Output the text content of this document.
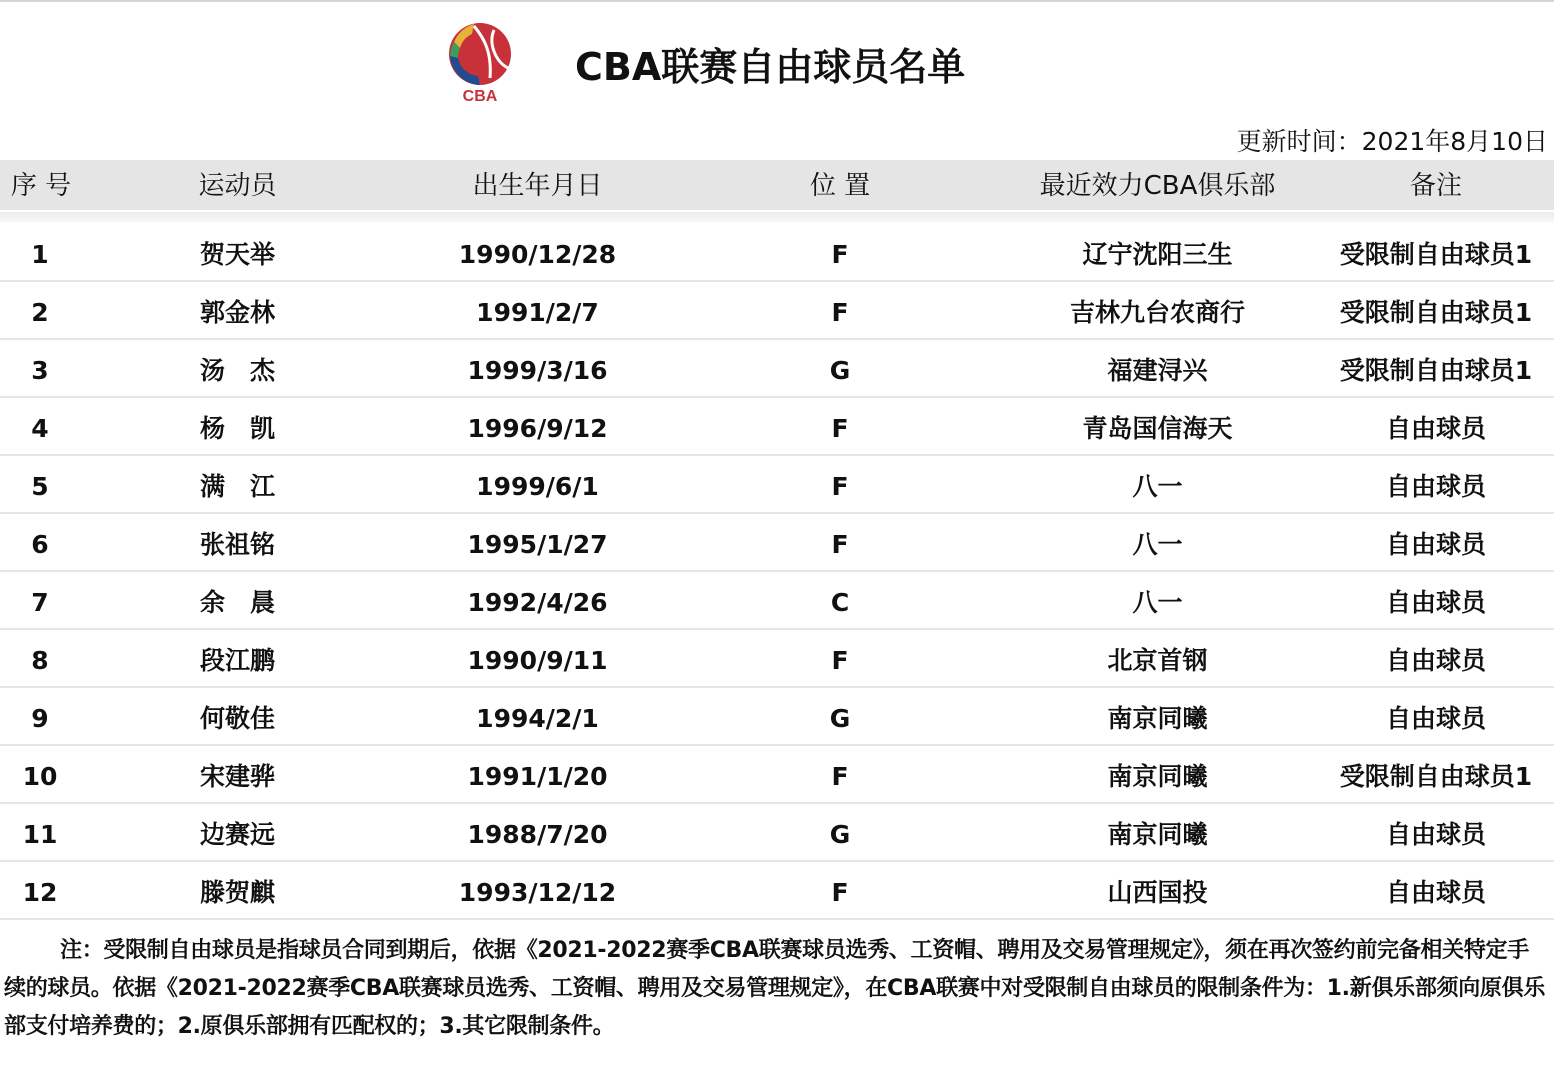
CBA
CBA联赛自由球员名单
更新时间：2021年8月10日
序 号	运动员	出生年月日	位 置	最近效力CBA俱乐部	备注
1	贺天举	1990/12/28	F	辽宁沈阳三生	受限制自由球员1
2	郭金林	1991/2/7	F	吉林九台农商行	受限制自由球员1
3	汤　杰	1999/3/16	G	福建浔兴	受限制自由球员1
4	杨　凯	1996/9/12	F	青岛国信海天	自由球员
5	满　江	1999/6/1	F	八一	自由球员
6	张祖铭	1995/1/27	F	八一	自由球员
7	余　晨	1992/4/26	C	八一	自由球员
8	段江鹏	1990/9/11	F	北京首钢	自由球员
9	何敬佳	1994/2/1	G	南京同曦	自由球员
10	宋建骅	1991/1/20	F	南京同曦	受限制自由球员1
11	边赛远	1988/7/20	G	南京同曦	自由球员
12	滕贺麒	1993/12/12	F	山西国投	自由球员
注：受限制自由球员是指球员合同到期后，依据《2021-2022赛季CBA联赛球员选秀、工资帽、聘用及交易管理规定》，须在再次签约前完备相关特定手续的球员。依据《2021-2022赛季CBA联赛球员选秀、工资帽、聘用及交易管理规定》，在CBA联赛中对受限制自由球员的限制条件为：1.新俱乐部须向原俱乐部支付培养费的；2.原俱乐部拥有匹配权的；3.其它限制条件。
